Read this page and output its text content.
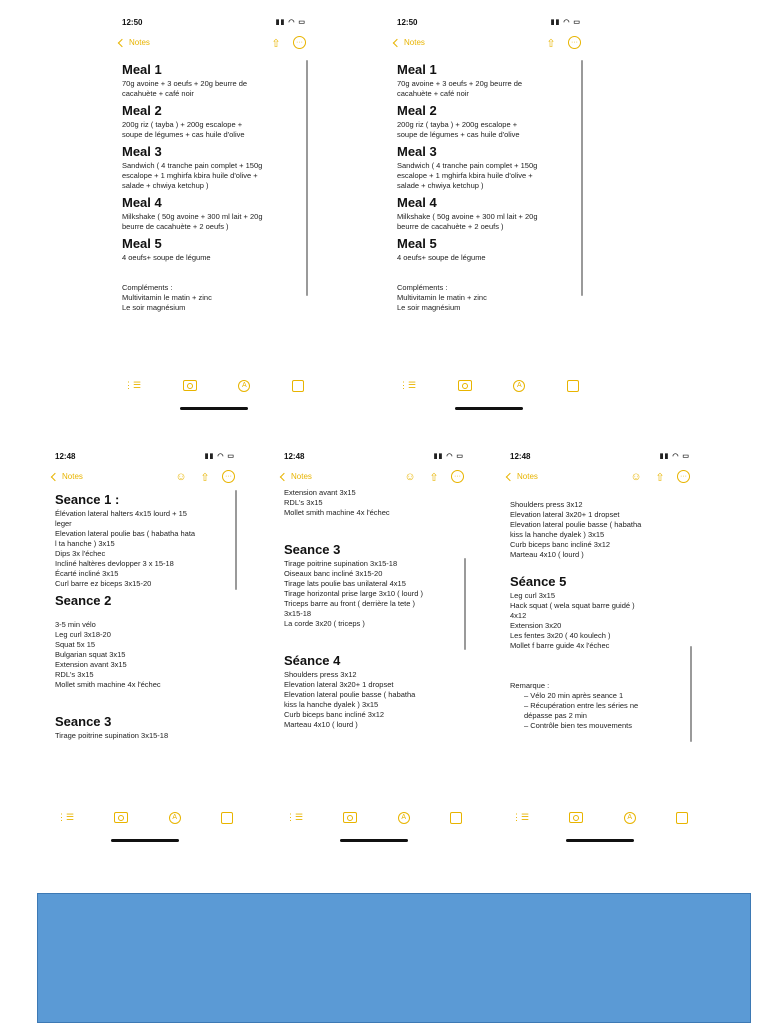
12:50	▮▮ ◠ ▭
Notes	⇧	···
Meal 1
70g avoine + 3 oeufs + 20g beurre de
cacahuète + café noir
Meal 2
200g riz ( tayba ) + 200g escalope +
soupe de légumes + cas huile d'olive
Meal 3
Sandwich ( 4 tranche pain complet + 150g
escalope + 1 mghirfa kbira huile d'olive +
salade + chwiya ketchup )
Meal 4
Milkshake ( 50g avoine + 300 ml lait + 20g
beurre de cacahuète + 2 oeufs )
Meal 5
4 oeufs+ soupe de légume
Compléments :
Multivitamin le matin + zinc
Le soir magnésium
⋮☰	A
12:50	▮▮ ◠ ▭
Notes	⇧	···
Meal 1
70g avoine + 3 oeufs + 20g beurre de
cacahuète + café noir
Meal 2
200g riz ( tayba ) + 200g escalope +
soupe de légumes + cas huile d'olive
Meal 3
Sandwich ( 4 tranche pain complet + 150g
escalope + 1 mghirfa kbira huile d'olive +
salade + chwiya ketchup )
Meal 4
Milkshake ( 50g avoine + 300 ml lait + 20g
beurre de cacahuète + 2 oeufs )
Meal 5
4 oeufs+ soupe de légume
Compléments :
Multivitamin le matin + zinc
Le soir magnésium
⋮☰	A
12:48	▮▮ ◠ ▭
Notes	☺ ⇧	···
Seance 1 :
Élévation lateral halters 4x15 lourd + 15
leger
Elevation lateral poulie bas ( habatha hata
l ta hanche ) 3x15
Dips 3x l'échec
Incliné haltères devlopper 3 x 15-18
Écarté incliné 3x15
Curl barre ez biceps 3x15-20
Seance 2
3-5 min vélo
Leg curl 3x18-20
Squat 5x 15
Bulgarian squat 3x15
Extension avant 3x15
RDL's 3x15
Mollet smith machine 4x l'échec
Seance 3
Tirage poitrine supination 3x15-18
⋮☰	A
12:48	▮▮ ◠ ▭
Notes	☺ ⇧	···
Extension avant 3x15
RDL's 3x15
Mollet smith machine 4x l'échec
Seance 3
Tirage poitrine supination 3x15-18
Oiseaux banc incliné 3x15-20
Tirage lats poulie bas unilateral 4x15
Tirage horizontal prise large 3x10 ( lourd )
Triceps barre au front ( derrière la tete )
3x15-18
La corde 3x20 ( triceps )
Séance 4
Shoulders press 3x12
Elevation lateral 3x20+ 1 dropset
Elevation lateral poulie basse ( habatha
kiss la hanche dyalek ) 3x15
Curb biceps banc incliné 3x12
Marteau 4x10 ( lourd )
⋮☰	A
12:48	▮▮ ◠ ▭
Notes	☺ ⇧	···
Shoulders press 3x12
Elevation lateral 3x20+ 1 dropset
Elevation lateral poulie basse ( habatha
kiss la hanche dyalek ) 3x15
Curb biceps banc incliné 3x12
Marteau 4x10 ( lourd )
Séance 5
Leg curl 3x15
Hack squat ( wela squat barre guidé )
4x12
Extension 3x20
Les fentes 3x20 ( 40 koulech )
Mollet f barre guide 4x l'échec
Remarque :
– Vélo 20 min après seance 1
– Récupération entre les séries ne
dépasse pas 2 min
– Contrôle bien tes mouvements
⋮☰	A
